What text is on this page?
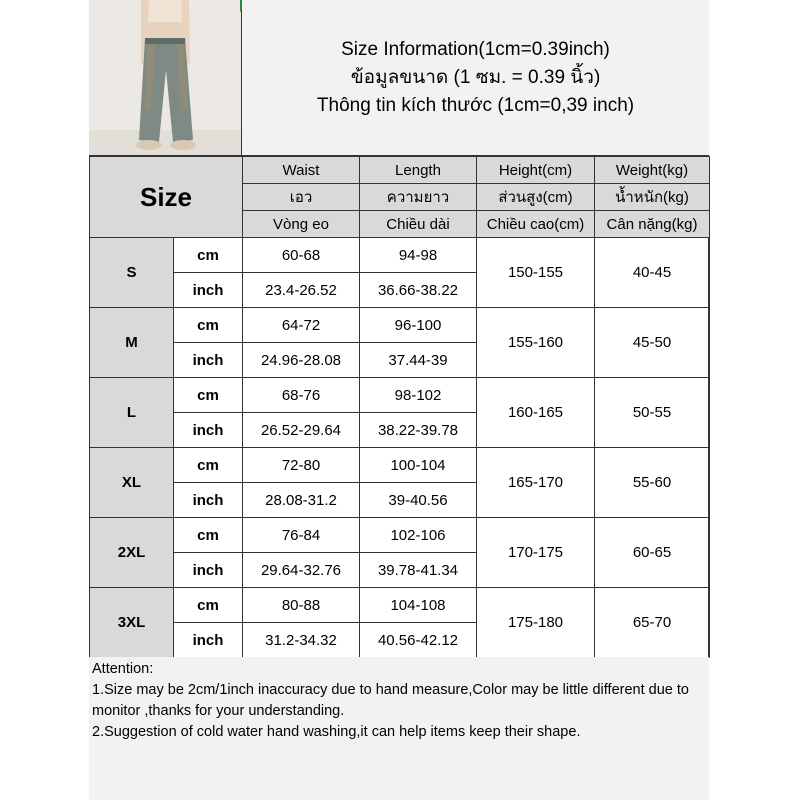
Size Information(1cm=0.39inch)
ข้อมูลขนาด (1 ซม. = 0.39 นิ้ว)
Thông tin kích thước (1cm=0,39 inch)
Size		Waist	Length	Height(cm)	Weight(kg)
		เอว	ความยาว	ส่วนสูง(cm)	น้ำหนัก(kg)
		Vòng eo	Chiều dài	Chiều cao(cm)	Cân nặng(kg)
S	cm	60-68	94-98	150-155	40-45
	inch	23.4-26.52	36.66-38.22		
M	cm	64-72	96-100	155-160	45-50
	inch	24.96-28.08	37.44-39		
L	cm	68-76	98-102	160-165	50-55
	inch	26.52-29.64	38.22-39.78		
XL	cm	72-80	100-104	165-170	55-60
	inch	28.08-31.2	39-40.56		
2XL	cm	76-84	102-106	170-175	60-65
	inch	29.64-32.76	39.78-41.34		
3XL	cm	80-88	104-108	175-180	65-70
	inch	31.2-34.32	40.56-42.12		
Attention:
1.Size may be 2cm/1inch inaccuracy due to hand measure,Color may be little different due to monitor ,thanks for your understanding.
2.Suggestion of cold water hand washing,it can help items keep their shape.
